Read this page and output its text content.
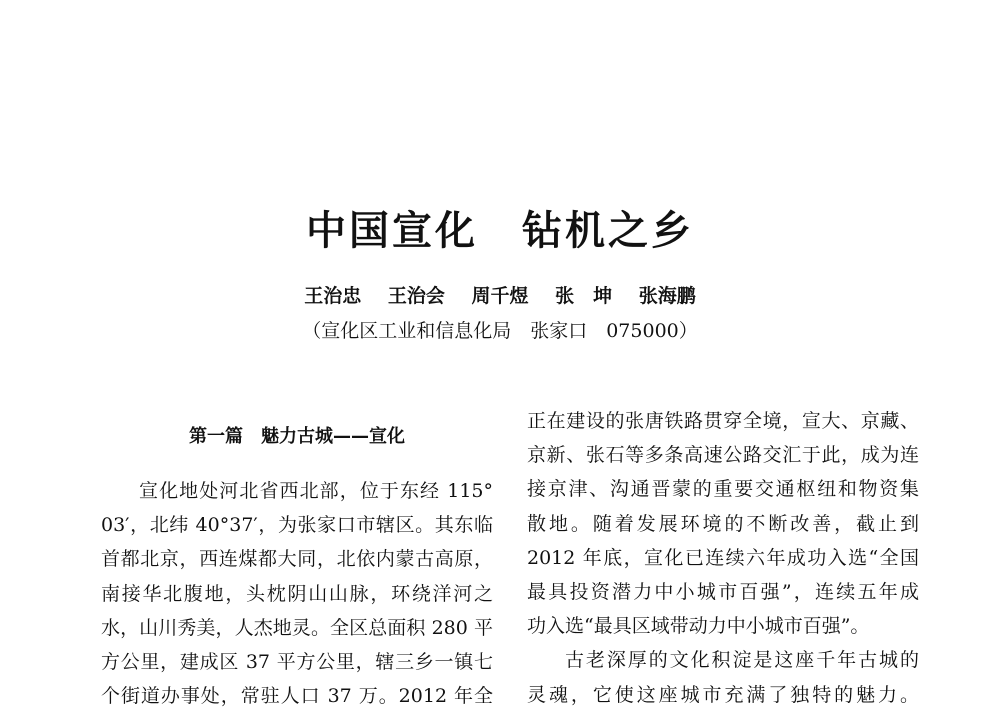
中国宣化 钻机之乡
王治忠 王治会 周千煜 张　坤 张海鹏
（宣化区工业和信息化局　张家口　075000）
第一篇　魅力古城——宣化

宣化地处河北省西北部，位于东经 115°

03′，北纬 40°37′，为张家口市辖区。其东临

首都北京，西连煤都大同，北依内蒙古高原，

南接华北腹地，头枕阴山山脉，环绕洋河之

水，山川秀美，人杰地灵。全区总面积 280 平

方公里，建成区 37 平方公里，辖三乡一镇七

个街道办事处，常驻人口 37 万。2012 年全

正在建设的张唐铁路贯穿全境，宣大、京藏、

京新、张石等多条高速公路交汇于此，成为连

接京津、沟通晋蒙的重要交通枢纽和物资集

散地。随着发展环境的不断改善，截止到

2012 年底，宣化已连续六年成功入选“全国

最具投资潜力中小城市百强”，连续五年成

功入选“最具区域带动力中小城市百强”。

古老深厚的文化积淀是这座千年古城的

灵魂，它使这座城市充满了独特的魅力。
